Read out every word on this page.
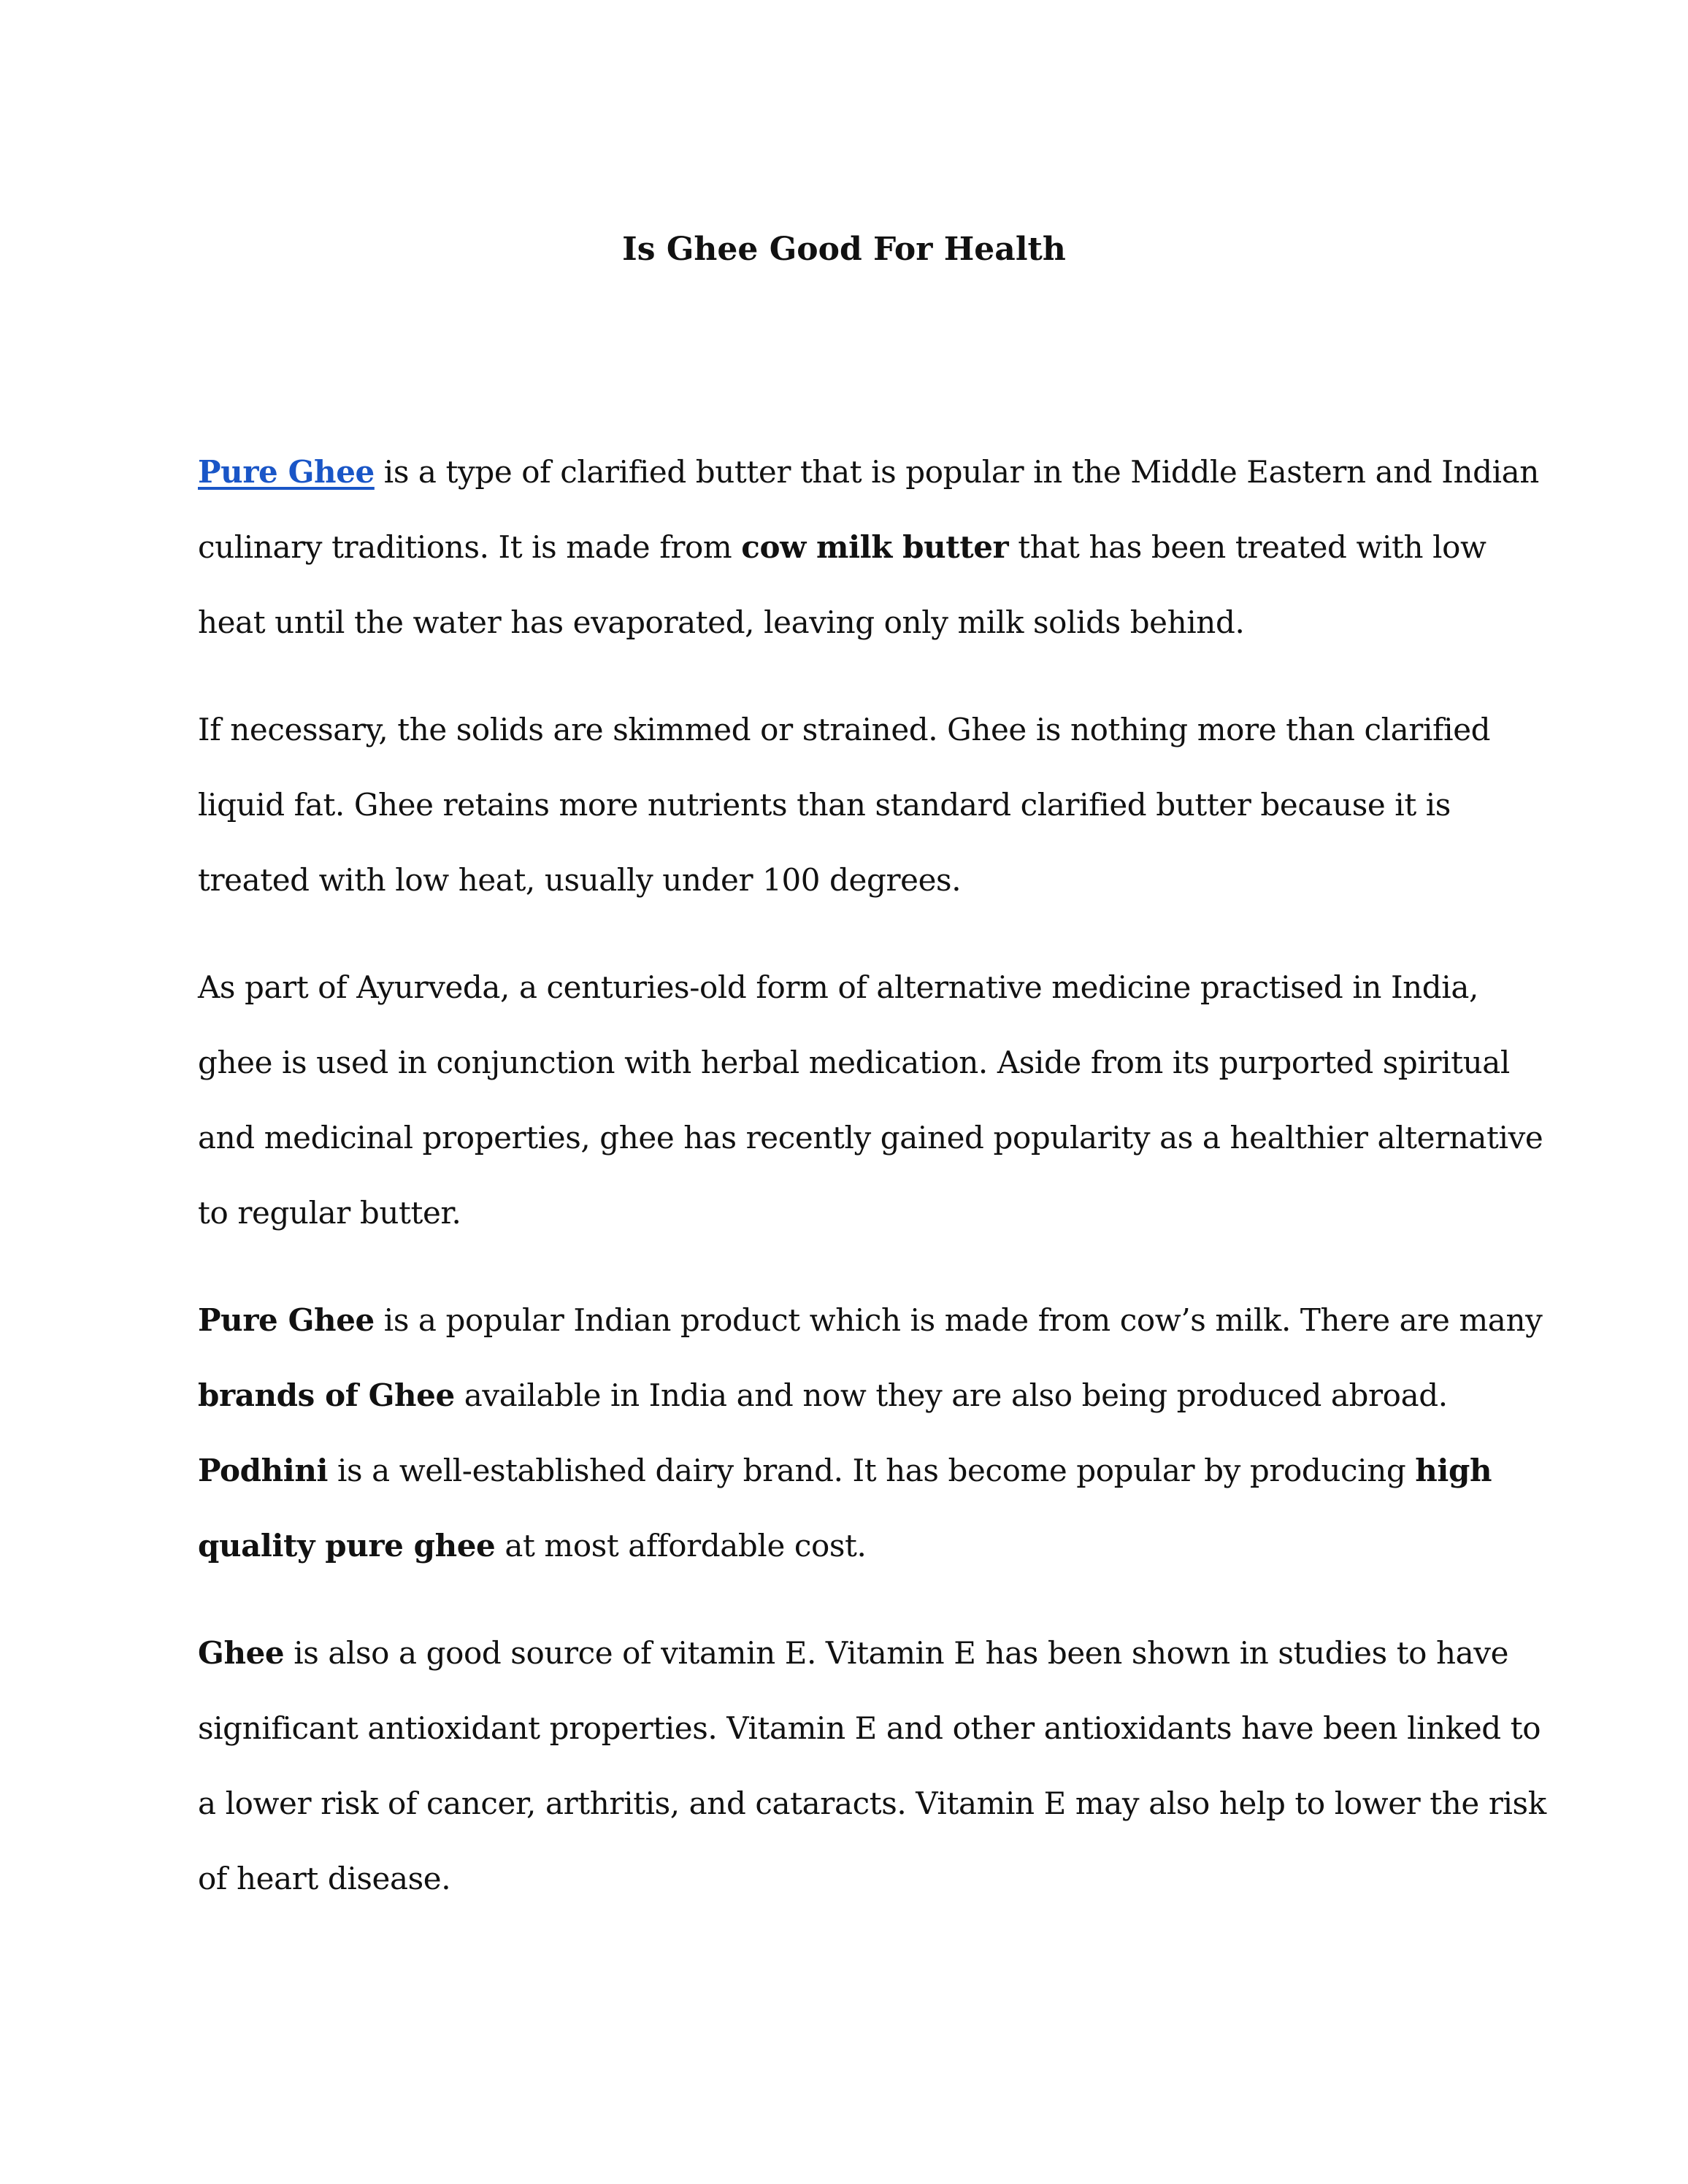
Is Ghee Good For Health

Pure Ghee is a type of clarified butter that is popular in the Middle Eastern and Indian
culinary traditions. It is made from cow milk butter that has been treated with low
heat until the water has evaporated, leaving only milk solids behind.

If necessary, the solids are skimmed or strained. Ghee is nothing more than clarified
liquid fat. Ghee retains more nutrients than standard clarified butter because it is
treated with low heat, usually under 100 degrees.

As part of Ayurveda, a centuries-old form of alternative medicine practised in India,
ghee is used in conjunction with herbal medication. Aside from its purported spiritual
and medicinal properties, ghee has recently gained popularity as a healthier alternative
to regular butter.

Pure Ghee is a popular Indian product which is made from cow’s milk. There are many
brands of Ghee available in India and now they are also being produced abroad.
Podhini is a well-established dairy brand. It has become popular by producing high
quality pure ghee at most affordable cost.

Ghee is also a good source of vitamin E. Vitamin E has been shown in studies to have
significant antioxidant properties. Vitamin E and other antioxidants have been linked to
a lower risk of cancer, arthritis, and cataracts. Vitamin E may also help to lower the risk
of heart disease.
